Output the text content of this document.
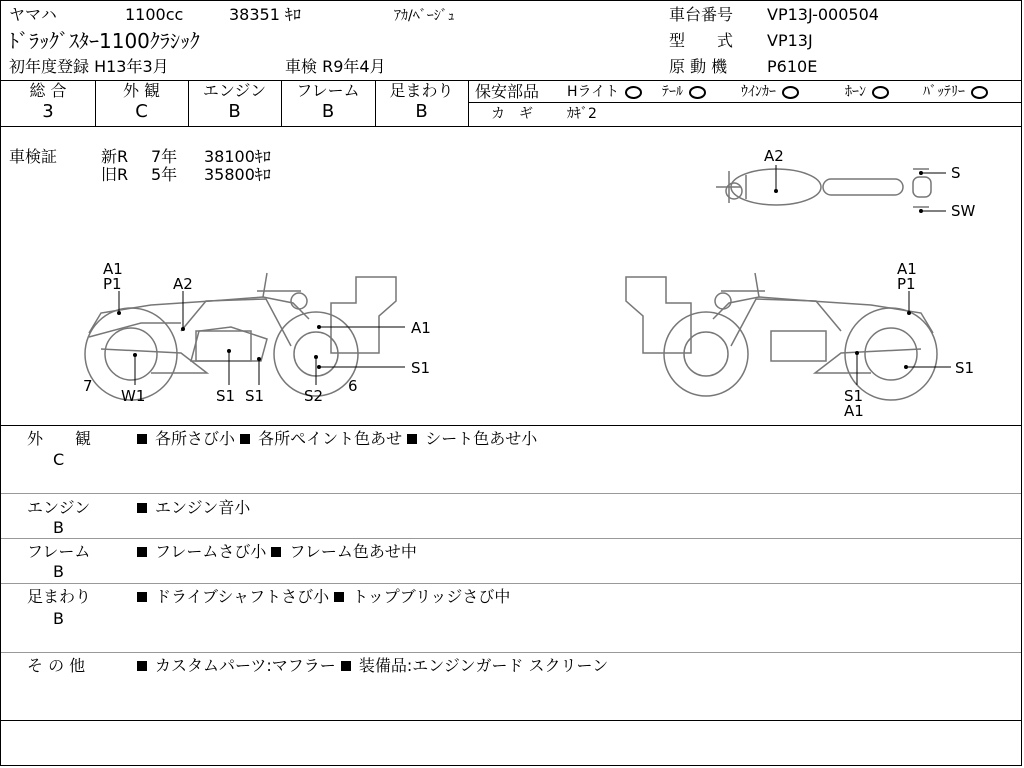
ヤマハ	1100cc	38351 ｷﾛ	ｱｶ/ﾍﾞｰｼﾞｭ
ﾄﾞﾗｯｸﾞｽﾀｰ1100ｸﾗｼｯｸ
初年度登録 H13年3月	車検 R9年4月
車台番号 VP13J-000504
型　　式 VP13J
原 動 機 P610E
総 合
3
外 観
C
エンジン
B
フレーム
B
足まわり
B
保安部品 Hライト	ﾃｰﾙ	ｳｲﾝｶｰ	ﾎｰﾝ	ﾊﾞｯﾃﾘｰ
カ　ギ ｶｷﾞ2
車検証	新R 7年 38100ｷﾛ
旧R 5年 35800ｷﾛ
A1
P1	A2
A1
S1
7
W1	S1 S1	S2
6
A1
P1
S1
S1
A1
A2
S
SW
外　　観
C
各所さび小 各所ペイント色あせ シート色あせ小
エンジン
B
エンジン音小
フレーム
B
フレームさび小 フレーム色あせ中
足まわり
B
ドライブシャフトさび小 トップブリッジさび中
そ の 他	カスタムパーツ:マフラー 装備品:エンジンガード スクリーン
